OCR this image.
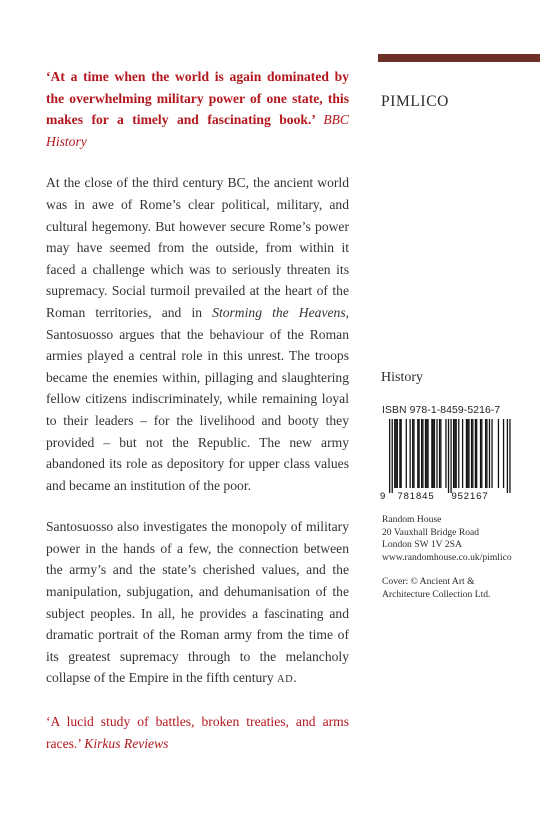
‘At a time when the world is again dominated by the overwhelming military power of one state, this makes for a timely and fascinating book.’ BBC History

At the close of the third century BC, the ancient world was in awe of Rome’s clear political, military, and cultural hegemony. But however secure Rome’s power may have seemed from the outside, from within it faced a challenge which was to seriously threaten its supremacy. Social turmoil prevailed at the heart of the Roman territories, and in Storming the Heavens, Santosuosso argues that the behaviour of the Roman armies played a central role in this unrest. The troops became the enemies within, pillaging and slaughtering fellow citizens indiscriminately, while remaining loyal to their leaders – for the livelihood and booty they provided – but not the Republic. The new army abandoned its role as depository for upper class values and became an institution of the poor.

Santosuosso also investigates the monopoly of military power in the hands of a few, the connection between the army’s and the state’s cherished values, and the manipulation, subjugation, and dehumanisation of the subject peoples. In all, he provides a fascinating and dramatic portrait of the Roman army from the time of its greatest supremacy through to the melancholy collapse of the Empire in the fifth century AD.

‘A lucid study of battles, broken treaties, and arms races.’ Kirkus Reviews

PIMLICO
History
ISBN 978-1-8459-5216-7
9 781845 952167
Random House
20 Vauxhall Bridge Road
London SW 1V 2SA
www.randomhouse.co.uk/pimlico
Cover: © Ancient Art &
Architecture Collection Ltd.
